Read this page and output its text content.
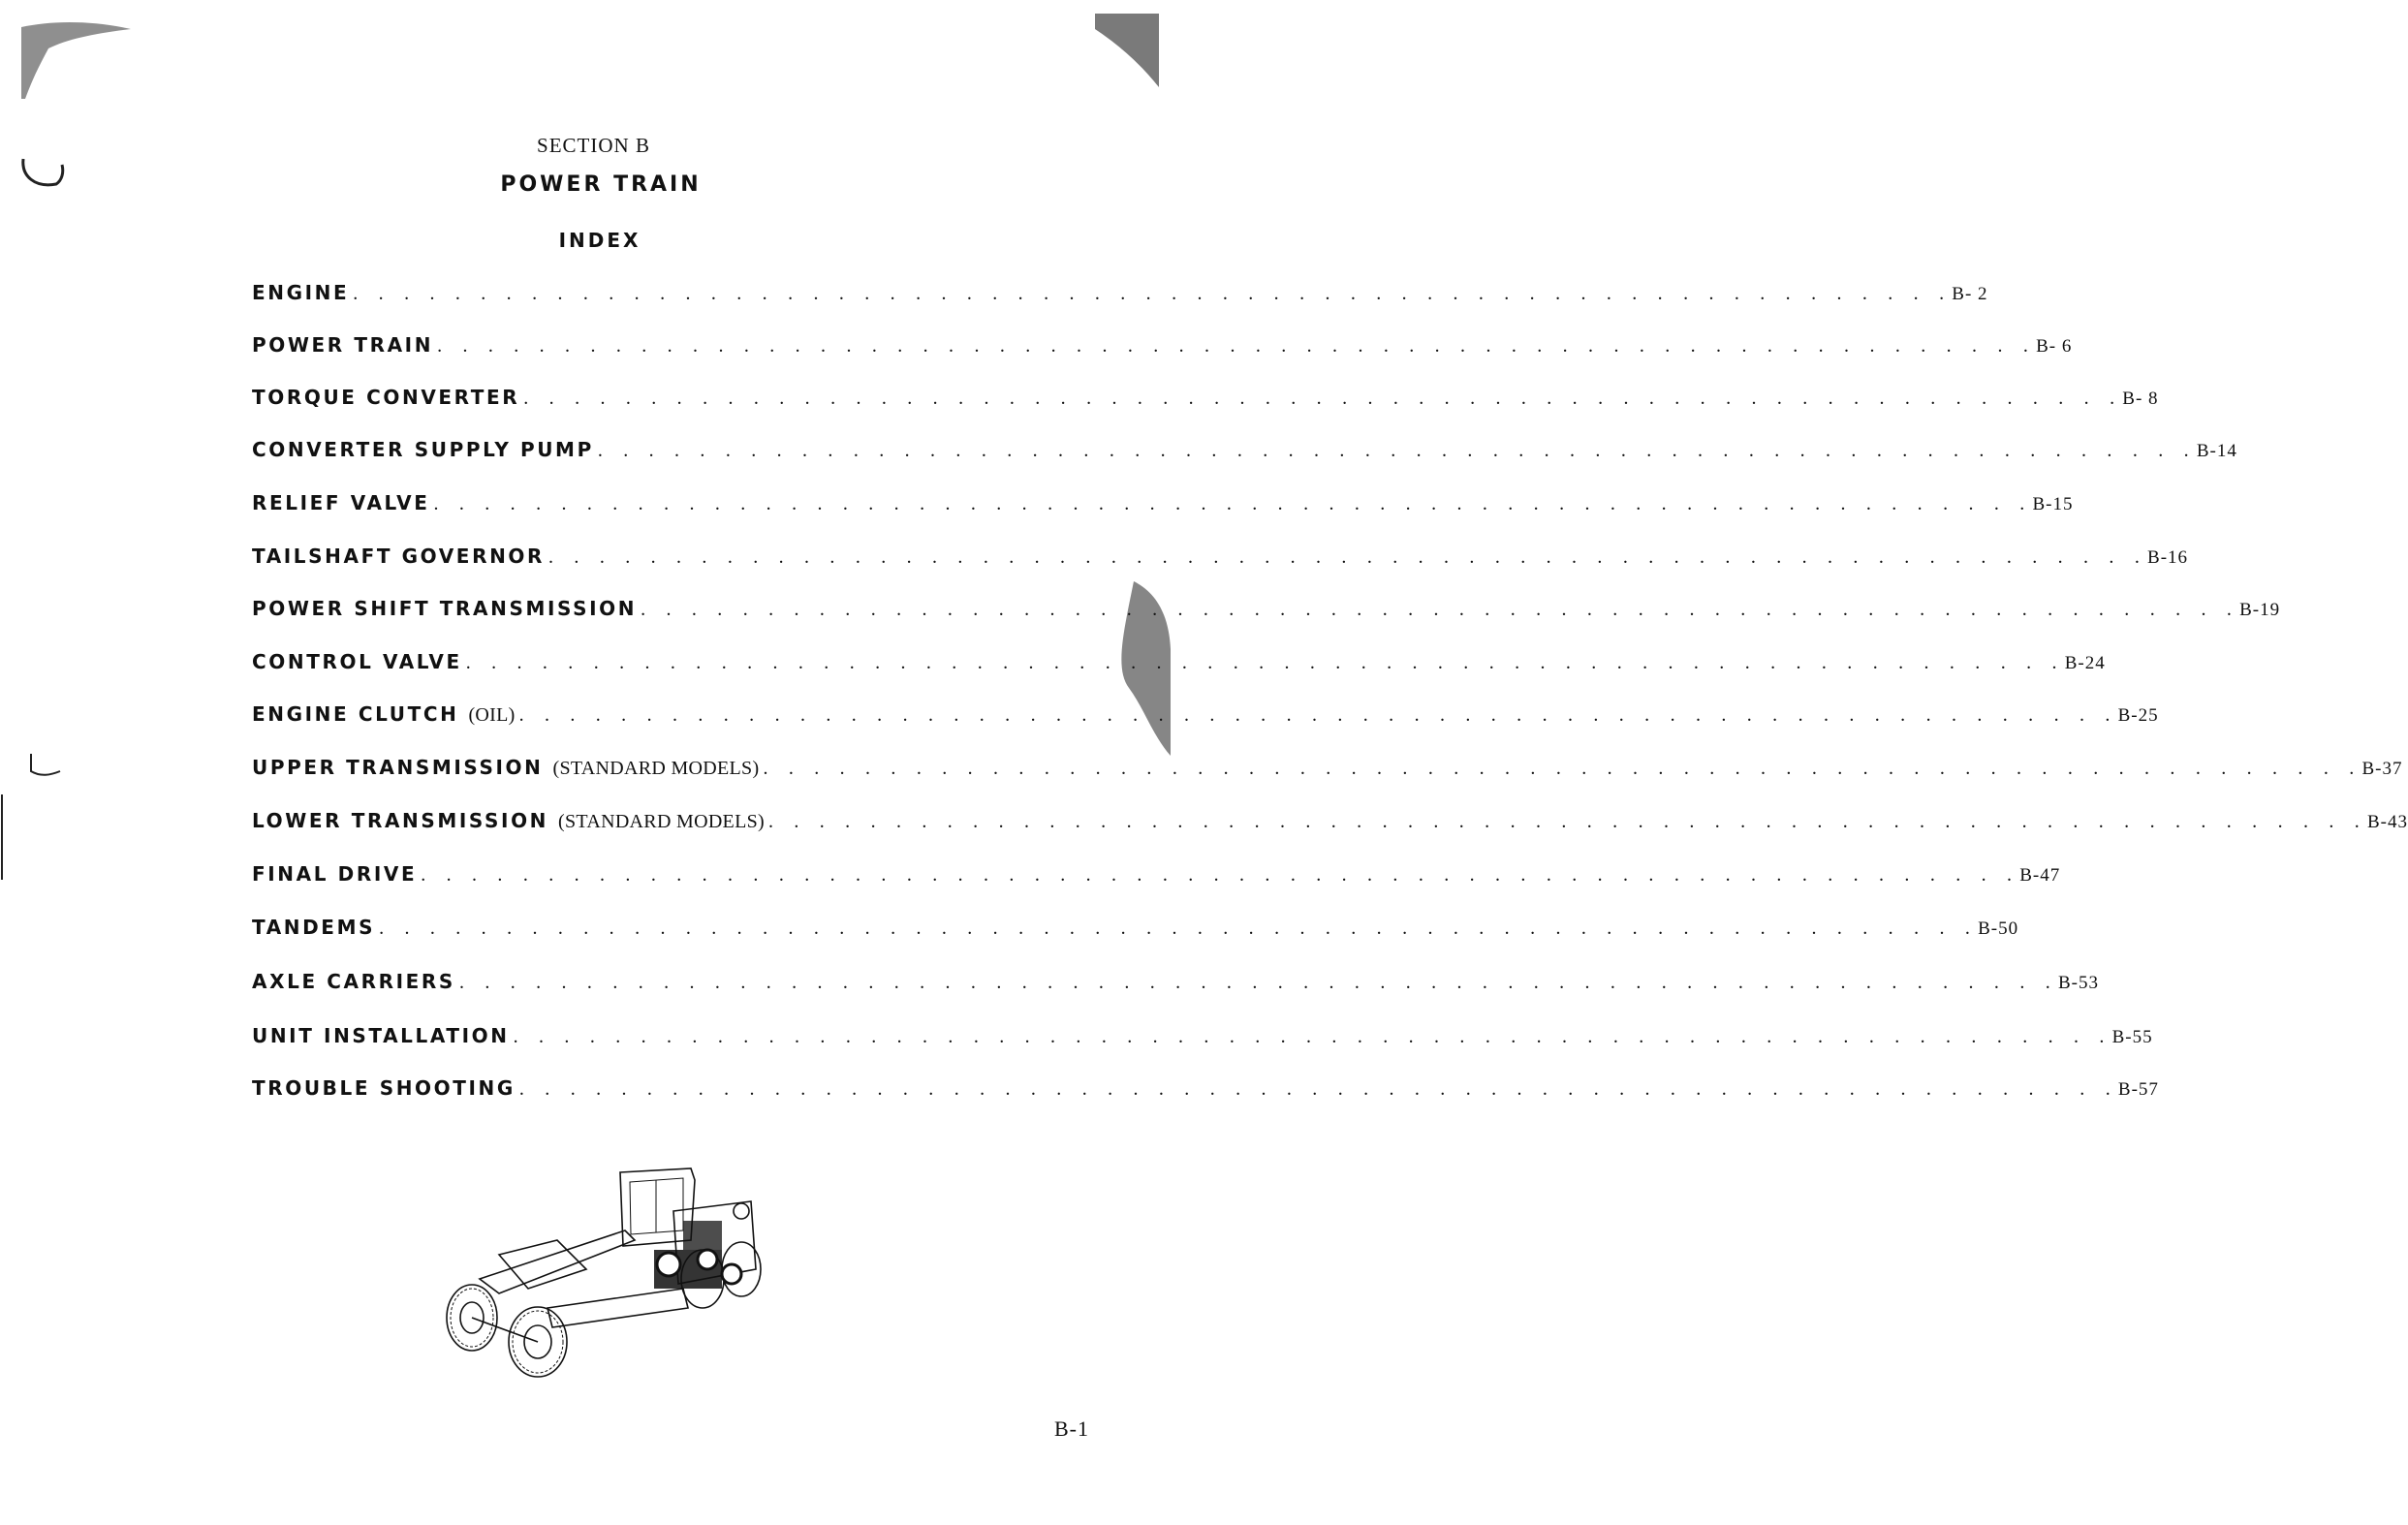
SECTION B
POWER TRAIN
INDEX
ENGINE . . . . . . . . . . . . . . . . . . . . . . . . . . . . . . . . . . . . . . . . . . . . . . . . . . . . . . . . . . . . . . . B- 2
POWER TRAIN . . . . . . . . . . . . . . . . . . . . . . . . . . . . . . . . . . . . . . . . . . . . . . . . . . . . . . . . . . . . . . . B- 6
TORQUE CONVERTER . . . . . . . . . . . . . . . . . . . . . . . . . . . . . . . . . . . . . . . . . . . . . . . . . . . . . . . . . . . . . . . B- 8
CONVERTER SUPPLY PUMP . . . . . . . . . . . . . . . . . . . . . . . . . . . . . . . . . . . . . . . . . . . . . . . . . . . . . . . . . . . . . . . B-14
RELIEF VALVE . . . . . . . . . . . . . . . . . . . . . . . . . . . . . . . . . . . . . . . . . . . . . . . . . . . . . . . . . . . . . . . B-15
TAILSHAFT GOVERNOR . . . . . . . . . . . . . . . . . . . . . . . . . . . . . . . . . . . . . . . . . . . . . . . . . . . . . . . . . . . . . . . B-16
POWER SHIFT TRANSMISSION . . . . . . . . . . . . . . . . . . . . . . . . . . . . . . . . . . . . . . . . . . . . . . . . . . . . . . . . . . . . . . . B-19
CONTROL VALVE . . . . . . . . . . . . . . . . . . . . . . . . . . . . . . . . . . . . . . . . . . . . . . . . . . . . . . . . . . . . . . . B-24
ENGINE CLUTCH (OIL) . . . . . . . . . . . . . . . . . . . . . . . . . . . . . . . . . . . . . . . . . . . . . . . . . . . . . . . . . . . . . . . B-25
UPPER TRANSMISSION (STANDARD MODELS) . . . . . . . . . . . . . . . . . . . . . . . . . . . . . . . . . . . . . . . . . . . . . . . . . . . . . . . . . . . . . . . B-37
LOWER TRANSMISSION (STANDARD MODELS) . . . . . . . . . . . . . . . . . . . . . . . . . . . . . . . . . . . . . . . . . . . . . . . . . . . . . . . . . . . . . . . B-43
FINAL DRIVE . . . . . . . . . . . . . . . . . . . . . . . . . . . . . . . . . . . . . . . . . . . . . . . . . . . . . . . . . . . . . . . B-47
TANDEMS . . . . . . . . . . . . . . . . . . . . . . . . . . . . . . . . . . . . . . . . . . . . . . . . . . . . . . . . . . . . . . . B-50
AXLE CARRIERS . . . . . . . . . . . . . . . . . . . . . . . . . . . . . . . . . . . . . . . . . . . . . . . . . . . . . . . . . . . . . . . B-53
UNIT INSTALLATION . . . . . . . . . . . . . . . . . . . . . . . . . . . . . . . . . . . . . . . . . . . . . . . . . . . . . . . . . . . . . . . B-55
TROUBLE SHOOTING . . . . . . . . . . . . . . . . . . . . . . . . . . . . . . . . . . . . . . . . . . . . . . . . . . . . . . . . . . . . . . . B-57
B-1
